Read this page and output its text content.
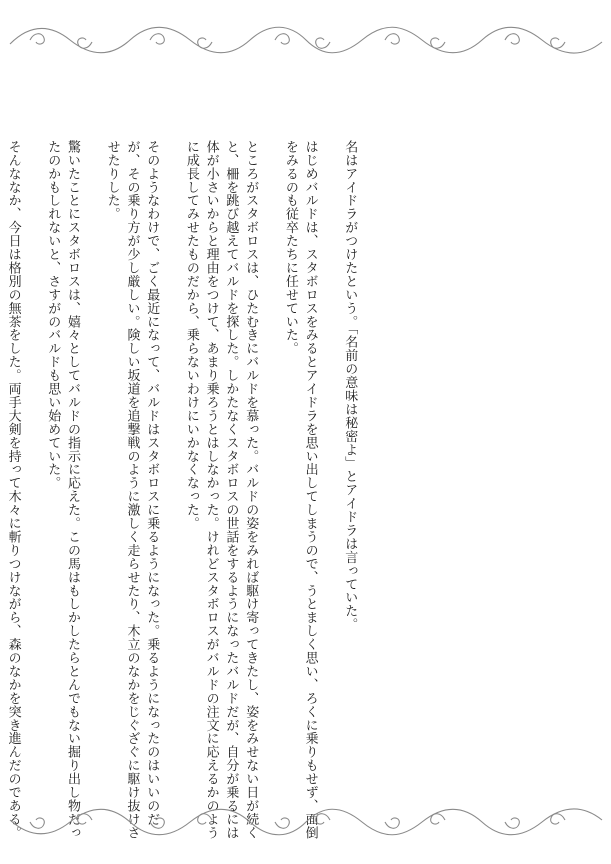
名はアイドラがつけたという。「名前の意味は秘密よ」とアイドラは言っていた。

はじめバルドは、スタボロスをみるとアイドラを思い出してしまうので、うとましく思い、ろくに乗りもせず、面倒をみるのも従卒たちに任せていた。

ところがスタボロスは、ひたむきにバルドを慕った。バルドの姿をみれば駆け寄ってきたし、姿をみせない日が続くと、柵を跳び越えてバルドを探した。しかたなくスタボロスの世話をするようになったバルドだが、自分が乗るには体が小さいからと理由をつけて、あまり乗ろうとはしなかった。けれどスタボロスがバルドの注文に応えるかのように成長してみせたものだから、乗らないわけにいかなくなった。

そのようなわけで、ごく最近になって、バルドはスタボロスに乗るようになった。乗るようになったのはいいのだが、その乗り方が少し厳しい。険しい坂道を追撃戦のように激しく走らせたり、木立のなかをじぐざぐに駆け抜けさせたりした。

驚いたことにスタボロスは、嬉々としてバルドの指示に応えた。この馬はもしかしたらとんでもない掘り出し物だったのかもしれないと、さすがのバルドも思い始めていた。

そんななか、今日は格別の無茶をした。両手大剣を持って木々に斬りつけながら、森のなかを突き進んだのである。
